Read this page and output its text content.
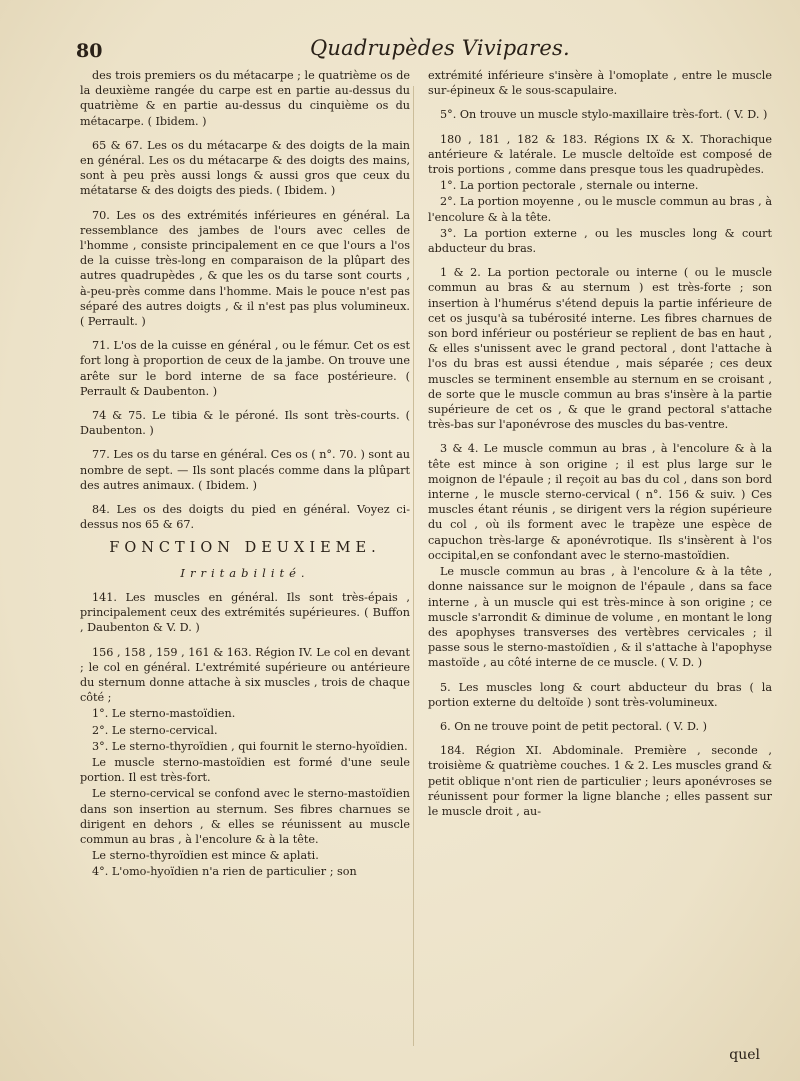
80	Quadrupèdes Vivipares.

des trois premiers os du métacarpe ; le quatrième os de la deuxième rangée du carpe est en partie au-dessus du quatrième & en partie au-dessus du cinquième os du métacarpe. ( Ibidem. )

65 & 67. Les os du métacarpe & des doigts de la main en général. Les os du métacarpe & des doigts des mains, sont à peu près aussi longs & aussi gros que ceux du métatarse & des doigts des pieds. ( Ibidem. )

70. Les os des extrémités inférieures en général. La ressemblance des jambes de l'ours avec celles de l'homme , consiste principalement en ce que l'ours a l'os de la cuisse très-long en comparaison de la plûpart des autres quadrupèdes , & que les os du tarse sont courts , à-peu-près comme dans l'homme. Mais le pouce n'est pas séparé des autres doigts , & il n'est pas plus volumineux. ( Perrault. )

71. L'os de la cuisse en général , ou le fémur. Cet os est fort long à proportion de ceux de la jambe. On trouve une arête sur le bord interne de sa face postérieure. ( Perrault & Daubenton. )

74 & 75. Le tibia & le péroné. Ils sont très-courts. ( Daubenton. )

77. Les os du tarse en général. Ces os ( n°. 70. ) sont au nombre de sept. — Ils sont placés comme dans la plûpart des autres animaux. ( Ibidem. )

84. Les os des doigts du pied en général. Voyez ci-dessus nos 65 & 67.

FONCTION DEUXIEME.

Irritabilité.

141. Les muscles en général. Ils sont très-épais , principalement ceux des extrémités supérieures. ( Buffon , Daubenton & V. D. )

156 , 158 , 159 , 161 & 163. Région IV. Le col en devant ; le col en général. L'extrémité supérieure ou antérieure du sternum donne attache à six muscles , trois de chaque côté ;

1°. Le sterno-mastoïdien.

2°. Le sterno-cervical.

3°. Le sterno-thyroïdien , qui fournit le sterno-hyoïdien.

Le muscle sterno-mastoïdien est formé d'une seule portion. Il est très-fort.

Le sterno-cervical se confond avec le sterno-mastoïdien dans son insertion au sternum. Ses fibres charnues se dirigent en dehors , & elles se réunissent au muscle commun au bras , à l'encolure & à la tête.

Le sterno-thyroïdien est mince & aplati.

4°. L'omo-hyoïdien n'a rien de particulier ; son

extrémité inférieure s'insère à l'omoplate , entre le muscle sur-épineux & le sous-scapulaire.

5°. On trouve un muscle stylo-maxillaire très-fort. ( V. D. )

180 , 181 , 182 & 183. Régions IX & X. Thorachique antérieure & latérale. Le muscle deltoïde est composé de trois portions , comme dans presque tous les quadrupèdes.

1°. La portion pectorale , sternale ou interne.

2°. La portion moyenne , ou le muscle commun au bras , à l'encolure & à la tête.

3°. La portion externe , ou les muscles long & court abducteur du bras.

1 & 2. La portion pectorale ou interne ( ou le muscle commun au bras & au sternum ) est très-forte ; son insertion à l'humérus s'étend depuis la partie inférieure de cet os jusqu'à sa tubérosité interne. Les fibres charnues de son bord inférieur ou postérieur se replient de bas en haut , & elles s'unissent avec le grand pectoral , dont l'attache à l'os du bras est aussi étendue , mais séparée ; ces deux muscles se terminent ensemble au sternum en se croisant , de sorte que le muscle commun au bras s'insère à la partie supérieure de cet os , & que le grand pectoral s'attache très-bas sur l'aponévrose des muscles du bas-ventre.

3 & 4. Le muscle commun au bras , à l'encolure & à la tête est mince à son origine ; il est plus large sur le moignon de l'épaule ; il reçoit au bas du col , dans son bord interne , le muscle sterno-cervical ( n°. 156 & suiv. ) Ces muscles étant réunis , se dirigent vers la région supérieure du col , où ils forment avec le trapèze une espèce de capuchon très-large & aponévrotique. Ils s'insèrent à l'os occipital,en se confondant avec le sterno-mastoïdien.

Le muscle commun au bras , à l'encolure & à la tête , donne naissance sur le moignon de l'épaule , dans sa face interne , à un muscle qui est très-mince à son origine ; ce muscle s'arrondit & diminue de volume , en montant le long des apophyses transverses des vertèbres cervicales ; il passe sous le sterno-mastoïdien , & il s'attache à l'apophyse mastoïde , au côté interne de ce muscle. ( V. D. )

5. Les muscles long & court abducteur du bras ( la portion externe du deltoïde ) sont très-volumineux.

6. On ne trouve point de petit pectoral. ( V. D. )

184. Région XI. Abdominale. Première , seconde , troisième & quatrième couches. 1 & 2. Les muscles grand & petit oblique n'ont rien de particulier ; leurs aponévroses se réunissent pour former la ligne blanche ; elles passent sur le muscle droit , au-

quel
